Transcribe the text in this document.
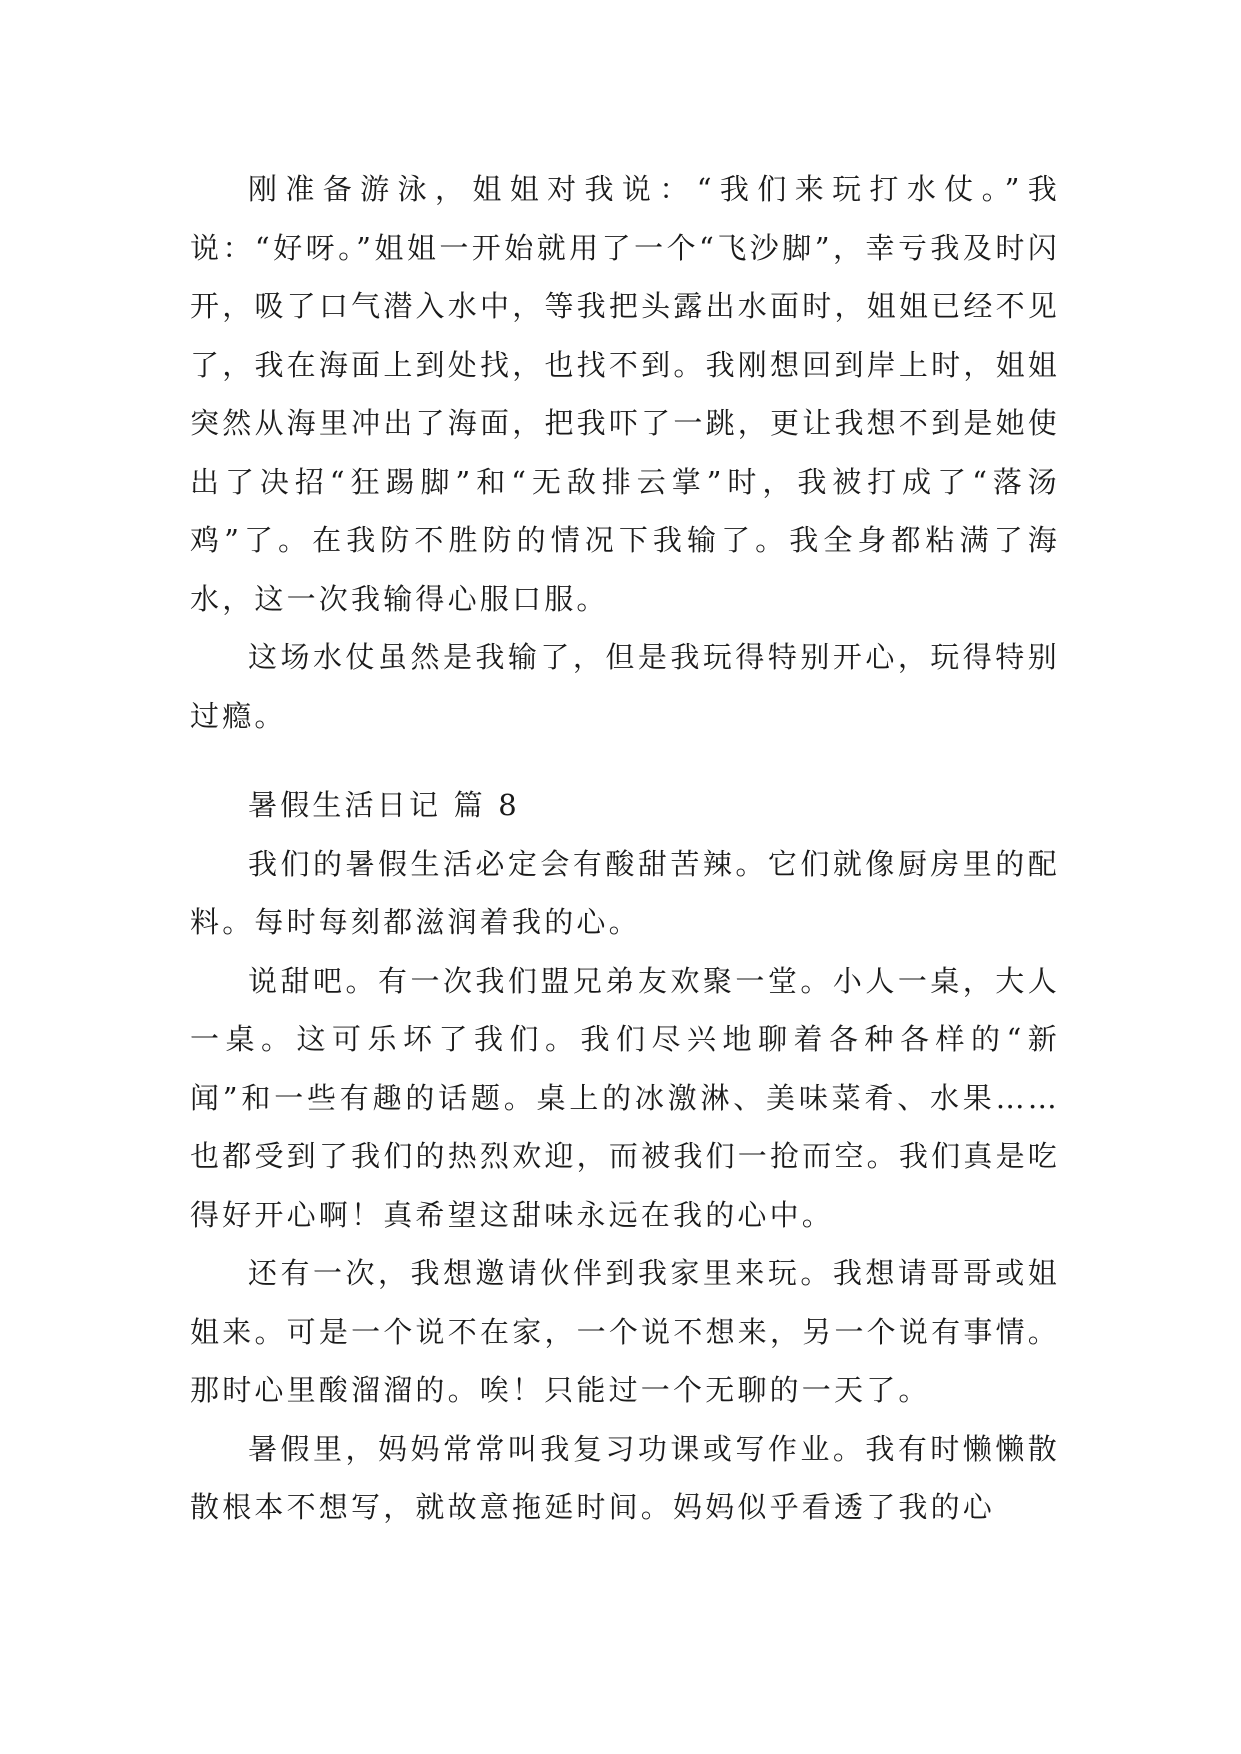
刚准备游泳，姐姐对我说：“我们来玩打水仗。”我说：“好呀。”姐姐一开始就用了一个“飞沙脚”，幸亏我及时闪开，吸了口气潜入水中，等我把头露出水面时，姐姐已经不见了，我在海面上到处找，也找不到。我刚想回到岸上时，姐姐突然从海里冲出了海面，把我吓了一跳，更让我想不到是她使出了决招“狂踢脚”和“无敌排云掌”时，我被打成了“落汤鸡”了。在我防不胜防的情况下我输了。我全身都粘满了海水，这一次我输得心服口服。

这场水仗虽然是我输了，但是我玩得特别开心，玩得特别过瘾。

暑假生活日记 篇 8

我们的暑假生活必定会有酸甜苦辣。它们就像厨房里的配料。每时每刻都滋润着我的心。

说甜吧。有一次我们盟兄弟友欢聚一堂。小人一桌，大人一桌。这可乐坏了我们。我们尽兴地聊着各种各样的“新闻”和一些有趣的话题。桌上的冰激淋、美味菜肴、水果……也都受到了我们的热烈欢迎，而被我们一抢而空。我们真是吃得好开心啊！真希望这甜味永远在我的心中。

还有一次，我想邀请伙伴到我家里来玩。我想请哥哥或姐姐来。可是一个说不在家，一个说不想来，另一个说有事情。那时心里酸溜溜的。唉！只能过一个无聊的一天了。

暑假里，妈妈常常叫我复习功课或写作业。我有时懒懒散散根本不想写，就故意拖延时间。妈妈似乎看透了我的心
